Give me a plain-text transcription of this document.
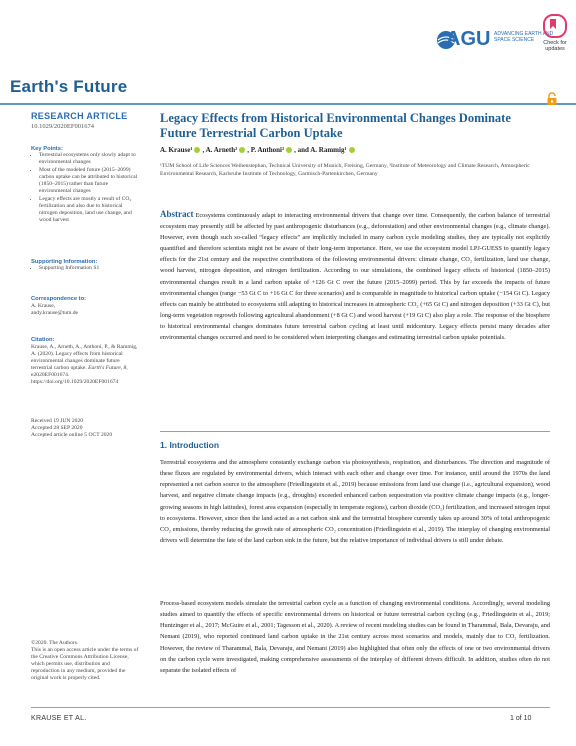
AGU ADVANCING EARTH AND SPACE SCIENCE	Check for updates
Earth's Future
RESEARCH ARTICLE
10.1029/2020EF001674
Key Points:
• Terrestrial ecosystems only slowly adapt to environmental changes
• Most of the modeled future (2015–2099) carbon uptake can be attributed to historical (1850–2015) rather than future environmental changes
• Legacy effects are mostly a result of CO₂ fertilization and also due to historical nitrogen deposition, land use change, and wood harvest
Supporting Information:
• Supporting Information S1
Correspondence to:
A. Krause,
andy.krause@tum.de
Citation:
Krause, A., Arneth, A., Anthoni, P., & Rammig, A. (2020). Legacy effects from historical environmental changes dominate future terrestrial carbon uptake. Earth's Future, 8, e2020EF001674. https://doi.org/10.1029/2020EF001674
Received 19 JUN 2020
Accepted 28 SEP 2020
Accepted article online 5 OCT 2020
©2020. The Authors.
This is an open access article under the terms of the Creative Commons Attribution License, which permits use, distribution and reproduction in any medium, provided the original work is properly cited.
Legacy Effects from Historical Environmental Changes Dominate Future Terrestrial Carbon Uptake
A. Krause¹ , A. Arneth² , P. Anthoni² , and A. Rammig¹
¹TUM School of Life Sciences Weihenstephan, Technical University of Munich, Freising, Germany, ²Institute of Meteorology and Climate Research, Atmospheric Environmental Research, Karlsruhe Institute of Technology, Garmisch-Partenkirchen, Germany
Abstract Ecosystems continuously adapt to interacting environmental drivers that change over time. Consequently, the carbon balance of terrestrial ecosystem may presently still be affected by past anthropogenic disturbances (e.g., deforestation) and other environmental changes (e.g., climate change). However, even though such so-called “legacy effects” are implicitly included in many carbon cycle modeling studies, they are typically not explicitly quantified and therefore scientists might not be aware of their long-term importance. Here, we use the ecosystem model LPJ-GUESS to quantify legacy effects for the 21st century and the respective contributions of the following environmental drivers: climate change, CO₂ fertilization, land use change, wood harvest, nitrogen deposition, and nitrogen fertilization. According to our simulations, the combined legacy effects of historical (1850–2015) environmental changes result in a land carbon uptake of +126 Gt C over the future (2015–2099) period. This by far exceeds the impacts of future environmental changes (range −53 Gt C to +16 Gt C for three scenarios) and is comparable in magnitude to historical carbon uptake (−154 Gt C). Legacy effects can mainly be attributed to ecosystems still adapting to historical increases in atmospheric CO₂ (+65 Gt C) and nitrogen deposition (+33 Gt C), but long-term vegetation regrowth following agricultural abandonment (+8 Gt C) and wood harvest (+19 Gt C) also play a role. The response of the biosphere to historical environmental changes dominates future terrestrial carbon cycling at least until midcentury. Legacy effects persist many decades after environmental changes occurred and need to be considered when interpreting changes and estimating terrestrial carbon uptake potentials.
1. Introduction
Terrestrial ecosystems and the atmosphere constantly exchange carbon via photosynthesis, respiration, and disturbances. The direction and magnitude of these fluxes are regulated by environmental drivers, which interact with each other and change over time. For instance, until around the 1970s the land represented a net carbon source to the atmosphere (Friedlingstein et al., 2019) because emissions from land use change (i.e., agricultural expansion), wood harvest, and negative climate change impacts (e.g., droughts) exceeded enhanced carbon sequestration via positive climate change impacts (e.g., longer-growing seasons in high latitudes), forest area expansion (especially in temperate regions), carbon dioxide (CO₂) fertilization, and increased nitrogen input to ecosystems. However, since then the land acted as a net carbon sink and the terrestrial biosphere currently takes up around 30% of total anthropogenic CO₂ emissions, thereby reducing the growth rate of atmospheric CO₂ concentration (Friedlingstein et al., 2019). The interplay of changing environmental drivers will determine the fate of the land carbon sink in the future, but the relative importance of individual drivers is still under debate.
Process-based ecosystem models simulate the terrestrial carbon cycle as a function of changing environmental conditions. Accordingly, several modeling studies aimed to quantify the effects of specific environmental drivers on historical or future terrestrial carbon cycling (e.g., Friedlingstein et al., 2019; Huntzinger et al., 2017; McGuire et al., 2001; Tagesson et al., 2020). A review of recent modeling studies can be found in Tharammal, Bala, Devaraju, and Nemani (2019), who reported continued land carbon uptake in the 21st century across most scenarios and models, mainly due to CO₂ fertilization. However, the review of Tharammal, Bala, Devaraju, and Nemani (2019) also highlighted that often only the effects of one or two environmental drivers on the carbon cycle were investigated, making comprehensive assessments of the interplay of different drivers difficult. In addition, studies often do not separate the isolated effects of
KRAUSE ET AL.	1 of 10
